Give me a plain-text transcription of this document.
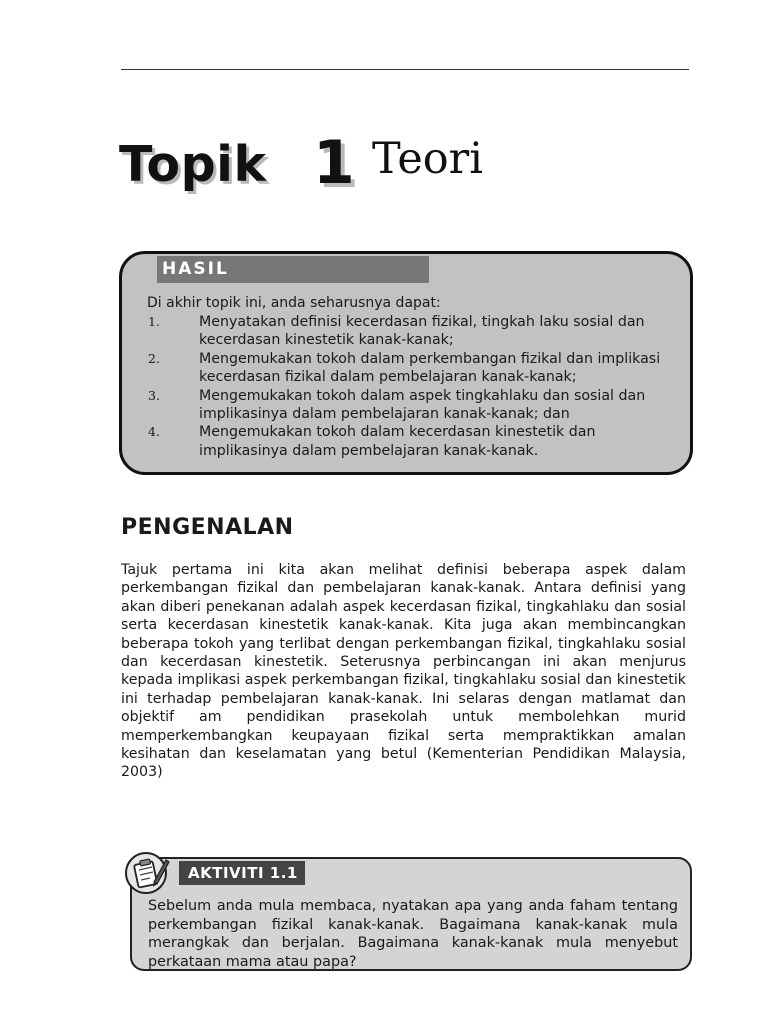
Topik 1 Teori
HASIL
Di akhir topik ini, anda seharusnya dapat:
1.	Menyatakan definisi kecerdasan fizikal, tingkah laku sosial dan kecerdasan kinestetik kanak-kanak;
2.	Mengemukakan tokoh dalam perkembangan fizikal dan implikasi kecerdasan fizikal dalam pembelajaran kanak-kanak;
3.	Mengemukakan tokoh dalam aspek tingkahlaku dan sosial dan implikasinya dalam pembelajaran kanak-kanak; dan
4.	Mengemukakan tokoh dalam kecerdasan kinestetik dan implikasinya dalam pembelajaran kanak-kanak.
PENGENALAN

Tajuk pertama ini kita akan melihat definisi beberapa aspek dalam perkembangan fizikal dan pembelajaran kanak-kanak. Antara definisi yang akan diberi penekanan adalah aspek kecerdasan fizikal, tingkahlaku dan sosial serta kecerdasan kinestetik kanak-kanak. Kita juga akan membincangkan beberapa tokoh yang terlibat dengan perkembangan fizikal, tingkahlaku sosial dan kecerdasan kinestetik. Seterusnya perbincangan ini akan menjurus kepada implikasi aspek perkembangan fizikal, tingkahlaku sosial dan kinestetik ini terhadap pembelajaran kanak-kanak. Ini selaras dengan matlamat dan objektif am pendidikan prasekolah untuk membolehkan murid memperkembangkan keupayaan fizikal serta mempraktikkan amalan kesihatan dan keselamatan yang betul (Kementerian Pendidikan Malaysia, 2003)

AKTIVITI 1.1

Sebelum anda mula membaca, nyatakan apa yang anda faham tentang perkembangan fizikal kanak-kanak. Bagaimana kanak-kanak mula merangkak dan berjalan. Bagaimana kanak-kanak mula menyebut perkataan mama atau papa?
